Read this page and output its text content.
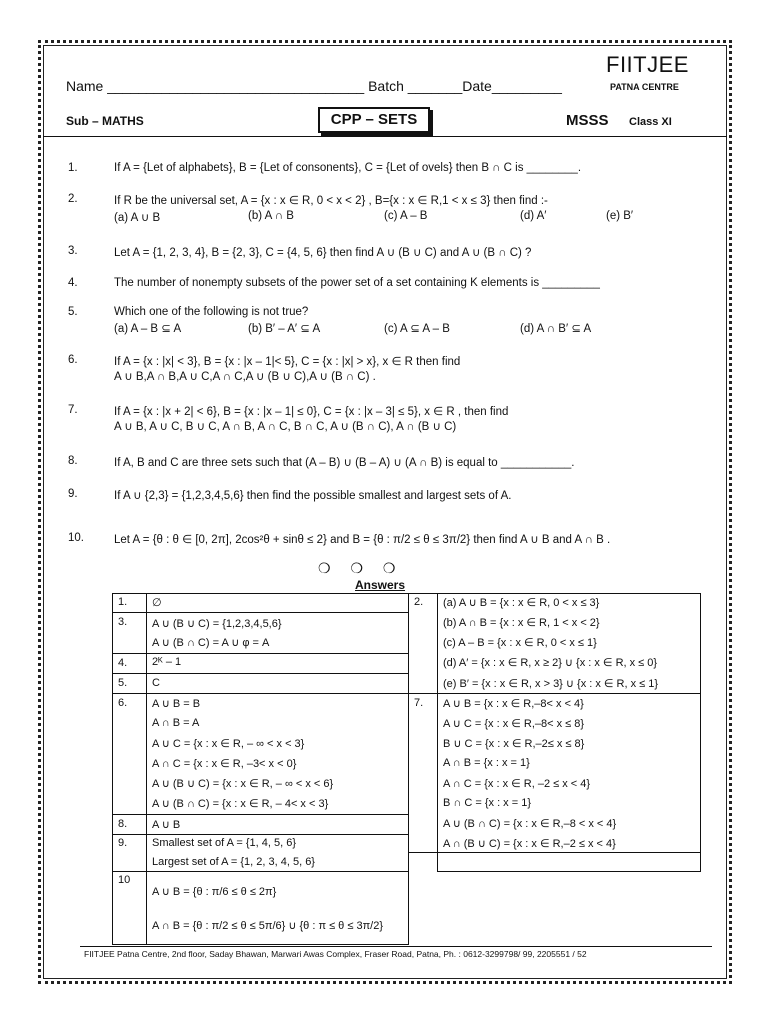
FIITJEE
PATNA CENTRE
Name _________________________________ Batch _______Date_________
Sub – MATHS	CPP – SETS	MSSS Class XI
1.	If A = {Let of alphabets}, B = {Let of consonents}, C = {Let of ovels} then B ∩ C is ________.
2.	If R be the universal set, A = {x : x ∈ R, 0 < x < 2} , B={x : x ∈ R,1 < x ≤ 3} then find :-
(a) A ∪ B	(b) A ∩ B	(c) A – B	(d) A′	(e) B′
3.	Let A = {1, 2, 3, 4}, B = {2, 3}, C = {4, 5, 6} then find A ∪ (B ∪ C) and A ∪ (B ∩ C) ?
4.	The number of nonempty subsets of the power set of a set containing K elements is _________
5.	Which one of the following is not true?
(a) A – B ⊆ A	(b) B′ – A′ ⊆ A	(c) A ⊆ A – B	(d) A ∩ B′ ⊆ A
6.	If A = {x : |x| < 3}, B = {x : |x – 1|< 5}, C = {x : |x| > x}, x ∈ R then find
A ∪ B,A ∩ B,A ∪ C,A ∩ C,A ∪ (B ∪ C),A ∪ (B ∩ C) .
7.	If A = {x : |x + 2| < 6}, B = {x : |x – 1| ≤ 0}, C = {x : |x – 3| ≤ 5}, x ∈ R , then find
A ∪ B, A ∪ C, B ∪ C, A ∩ B, A ∩ C, B ∩ C, A ∪ (B ∩ C), A ∩ (B ∪ C)
8.	If A, B and C are three sets such that (A – B) ∪ (B – A) ∪ (A ∩ B) is equal to ___________.
9.	If A ∪ {2,3} = {1,2,3,4,5,6} then find the possible smallest and largest sets of A.
10.	Let A = {θ : θ ∈ [0, 2π], 2cos²θ + sinθ ≤ 2} and B = {θ : π/2 ≤ θ ≤ 3π/2} then find A ∪ B and A ∩ B .
❍ ❍ ❍
Answers
1. ∅
3. A ∪ (B ∪ C) = {1,2,3,4,5,6}
A ∪ (B ∩ C) = A ∪ φ = A
4. 2ᴷ – 1
5. C
6. A ∪ B = B
A ∩ B = A
A ∪ C = {x : x ∈ R, – ∞ < x < 3}
A ∩ C = {x : x ∈ R, –3< x < 0}
A ∪ (B ∪ C) = {x : x ∈ R, – ∞ < x < 6}
A ∪ (B ∩ C) = {x : x ∈ R, – 4< x < 3}
8. A ∪ B
9. Smallest set of A = {1, 4, 5, 6}
Largest set of A = {1, 2, 3, 4, 5, 6}
10
A ∪ B = {θ : π/6 ≤ θ ≤ 2π}
A ∩ B = {θ : π/2 ≤ θ ≤ 5π/6} ∪ {θ : π ≤ θ ≤ 3π/2}
2. (a) A ∪ B = {x : x ∈ R, 0 < x ≤ 3}
(b) A ∩ B = {x : x ∈ R, 1 < x < 2}
(c) A – B = {x : x ∈ R, 0 < x ≤ 1}
(d) A′ = {x : x ∈ R, x ≥ 2} ∪ {x : x ∈ R, x ≤ 0}
(e) B′ = {x : x ∈ R, x > 3} ∪ {x : x ∈ R, x ≤ 1}
7. A ∪ B = {x : x ∈ R,–8< x < 4}
A ∪ C = {x : x ∈ R,–8< x ≤ 8}
B ∪ C = {x : x ∈ R,–2≤ x ≤ 8}
A ∩ B = {x : x = 1}
A ∩ C = {x : x ∈ R, –2 ≤ x < 4}
B ∩ C = {x : x = 1}
A ∪ (B ∩ C) = {x : x ∈ R,–8 < x < 4}
A ∩ (B ∪ C) = {x : x ∈ R,–2 ≤ x < 4}
FIITJEE Patna Centre, 2nd floor, Saday Bhawan, Marwari Awas Complex, Fraser Road, Patna, Ph. : 0612-3299798/ 99, 2205551 / 52
